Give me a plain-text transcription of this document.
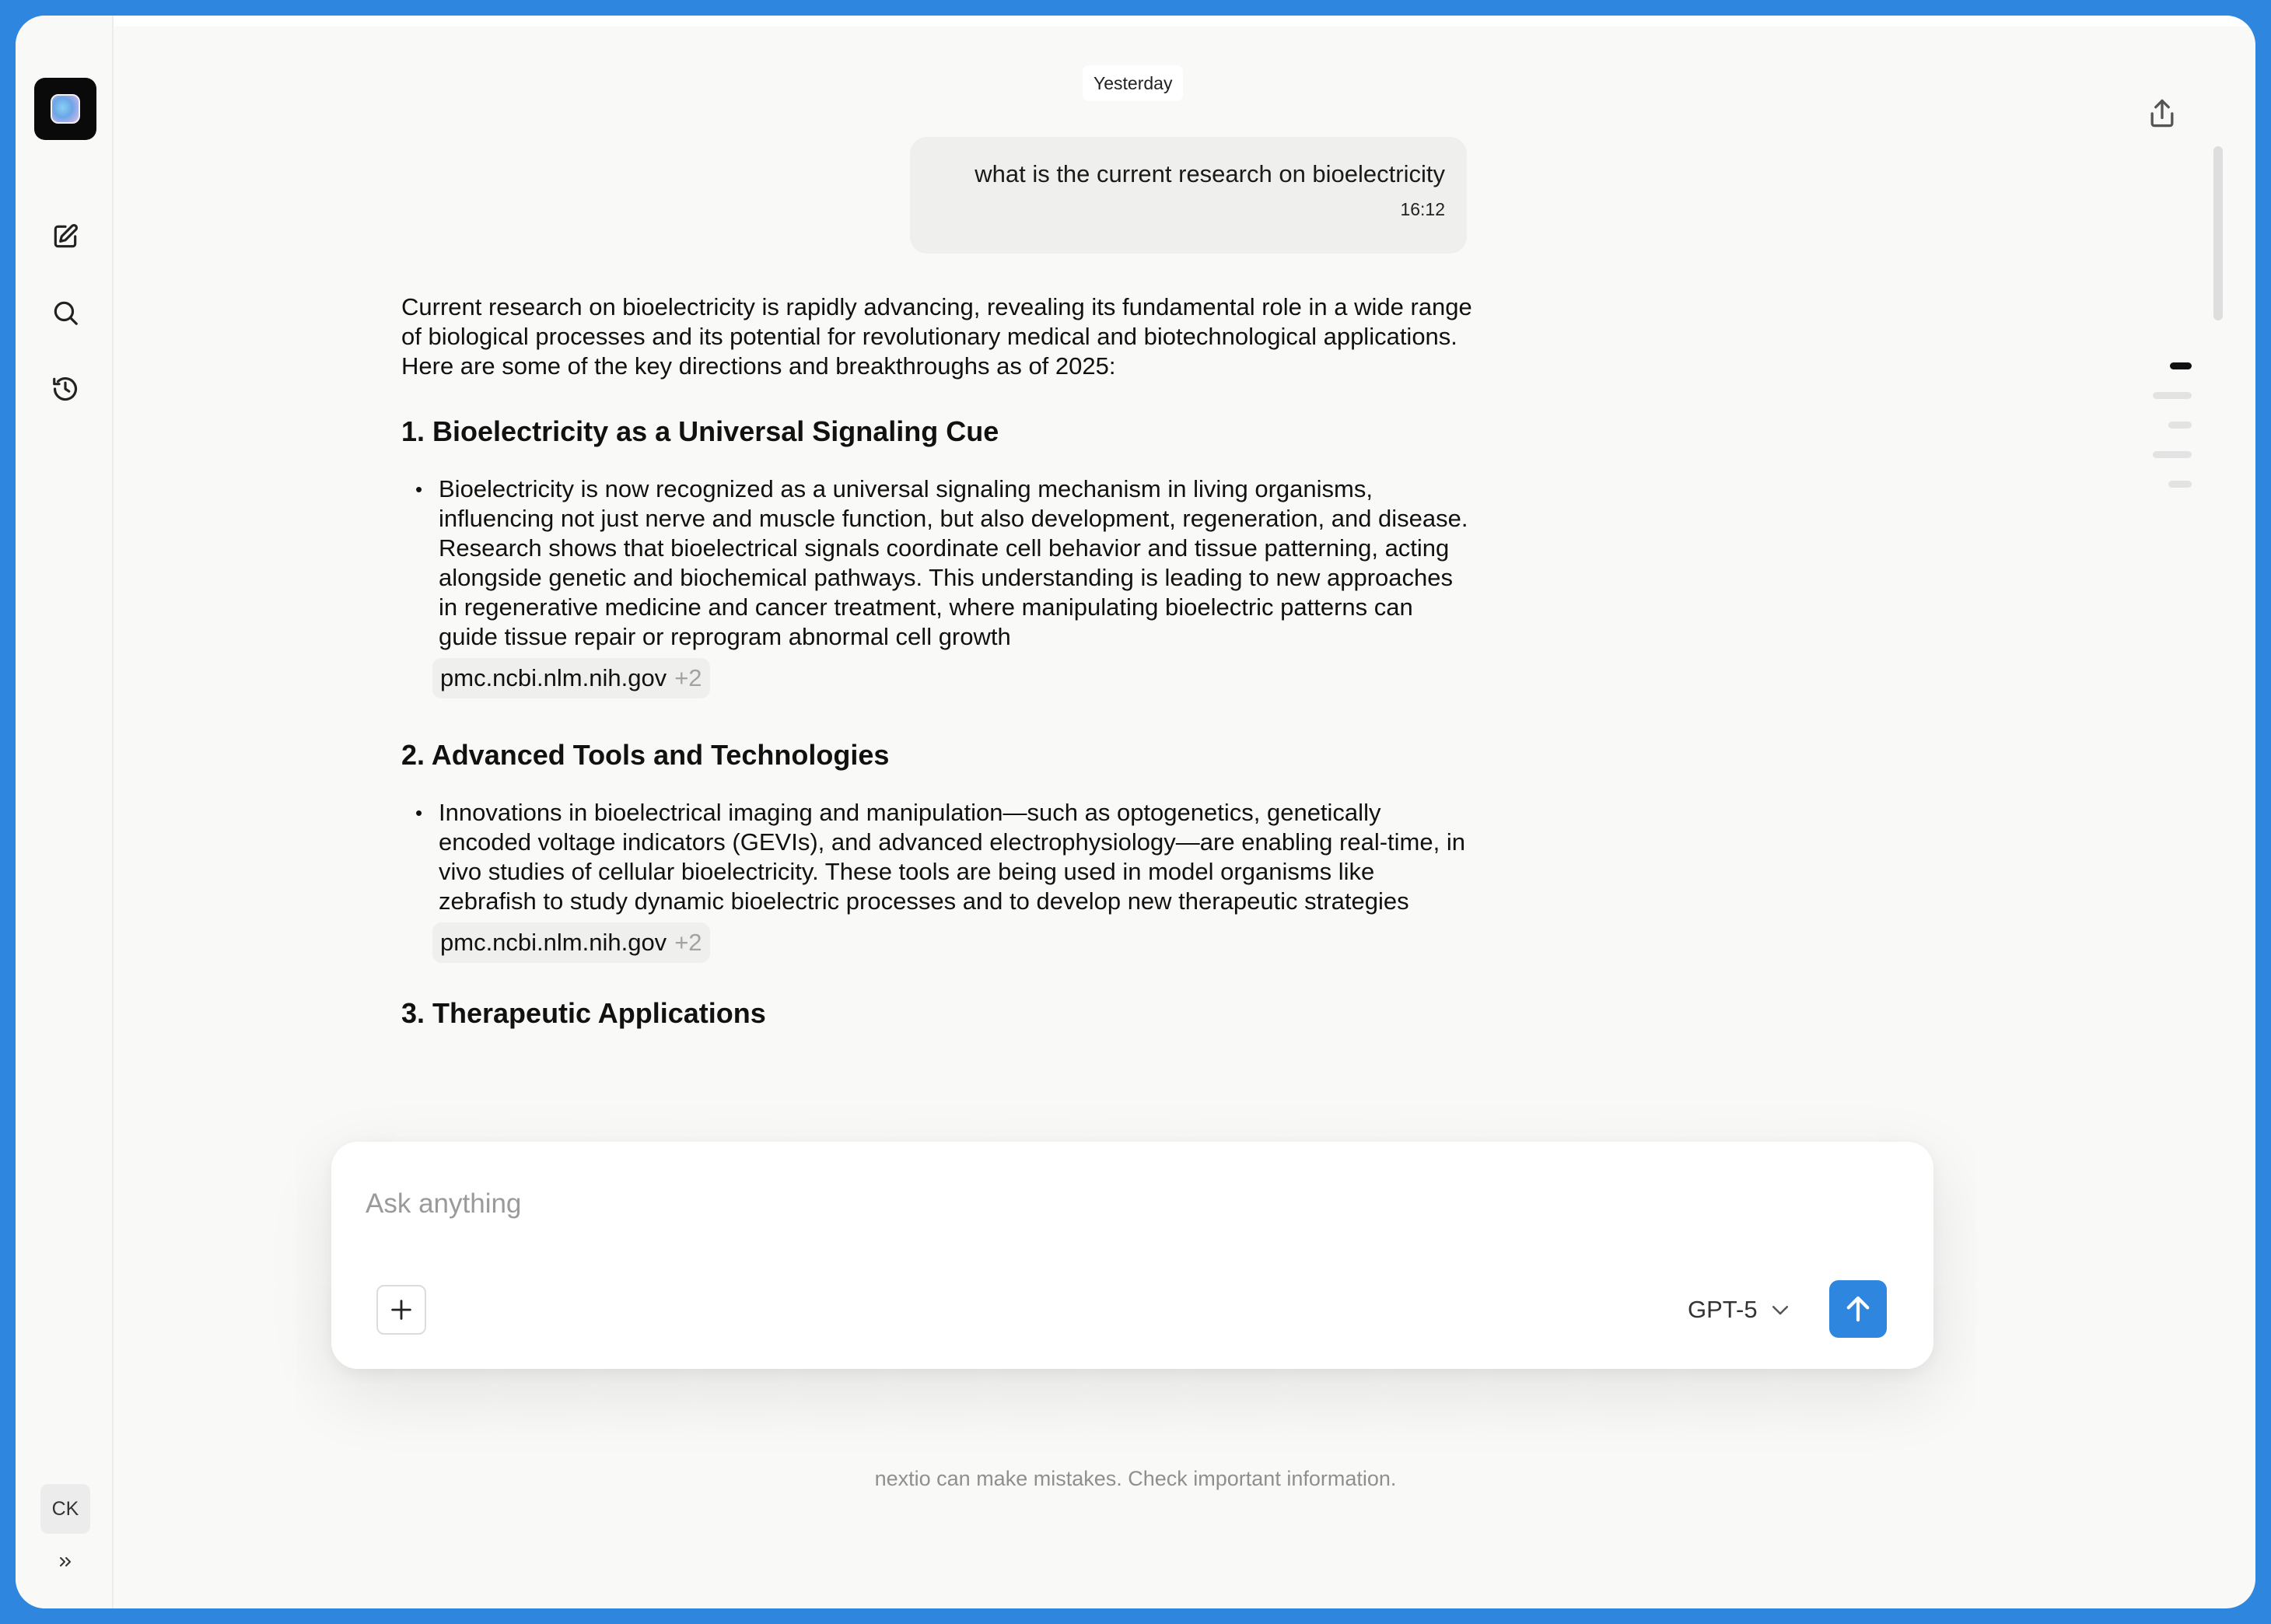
CK
Yesterday
what is the current research on bioelectricity
16:12

Current research on bioelectricity is rapidly advancing, revealing its fundamental role in a wide range of biological processes and its potential for revolutionary medical and biotechnological applications. Here are some of the key directions and breakthroughs as of 2025:

1. Bioelectricity as a Universal Signaling Cue
• Bioelectricity is now recognized as a universal signaling mechanism in living organisms, influencing not just nerve and muscle function, but also development, regeneration, and disease. Research shows that bioelectrical signals coordinate cell behavior and tissue patterning, acting alongside genetic and biochemical pathways. This understanding is leading to new approaches in regenerative medicine and cancer treatment, where manipulating bioelectric patterns can guide tissue repair or reprogram abnormal cell growth
pmc.ncbi.nlm.nih.gov +2
2. Advanced Tools and Technologies
• Innovations in bioelectrical imaging and manipulation—such as optogenetics, genetically encoded voltage indicators (GEVIs), and advanced electrophysiology—are enabling real-time, in vivo studies of cellular bioelectricity. These tools are being used in model organisms like zebrafish to study dynamic bioelectric processes and to develop new therapeutic strategies
pmc.ncbi.nlm.nih.gov +2
3. Therapeutic Applications
Ask anything
GPT-5
nextio can make mistakes. Check important information.
